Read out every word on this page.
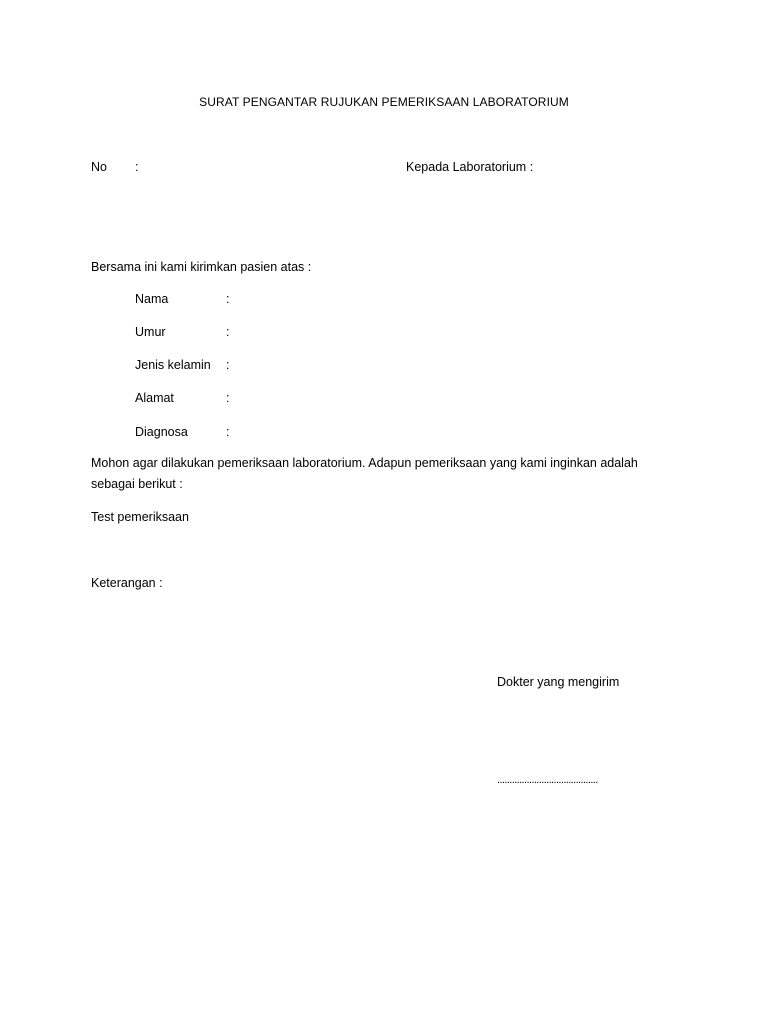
SURAT PENGANTAR RUJUKAN PEMERIKSAAN LABORATORIUM
No :	Kepada Laboratorium :
Bersama ini kami kirimkan pasien atas :
Nama	:
Umur	:
Jenis kelamin :
Alamat	:
Diagnosa	:
Mohon agar dilakukan pemeriksaan laboratorium. Adapun pemeriksaan yang kami inginkan adalah sebagai berikut :
Test pemeriksaan
Keterangan :
Dokter yang mengirim
.........................................
